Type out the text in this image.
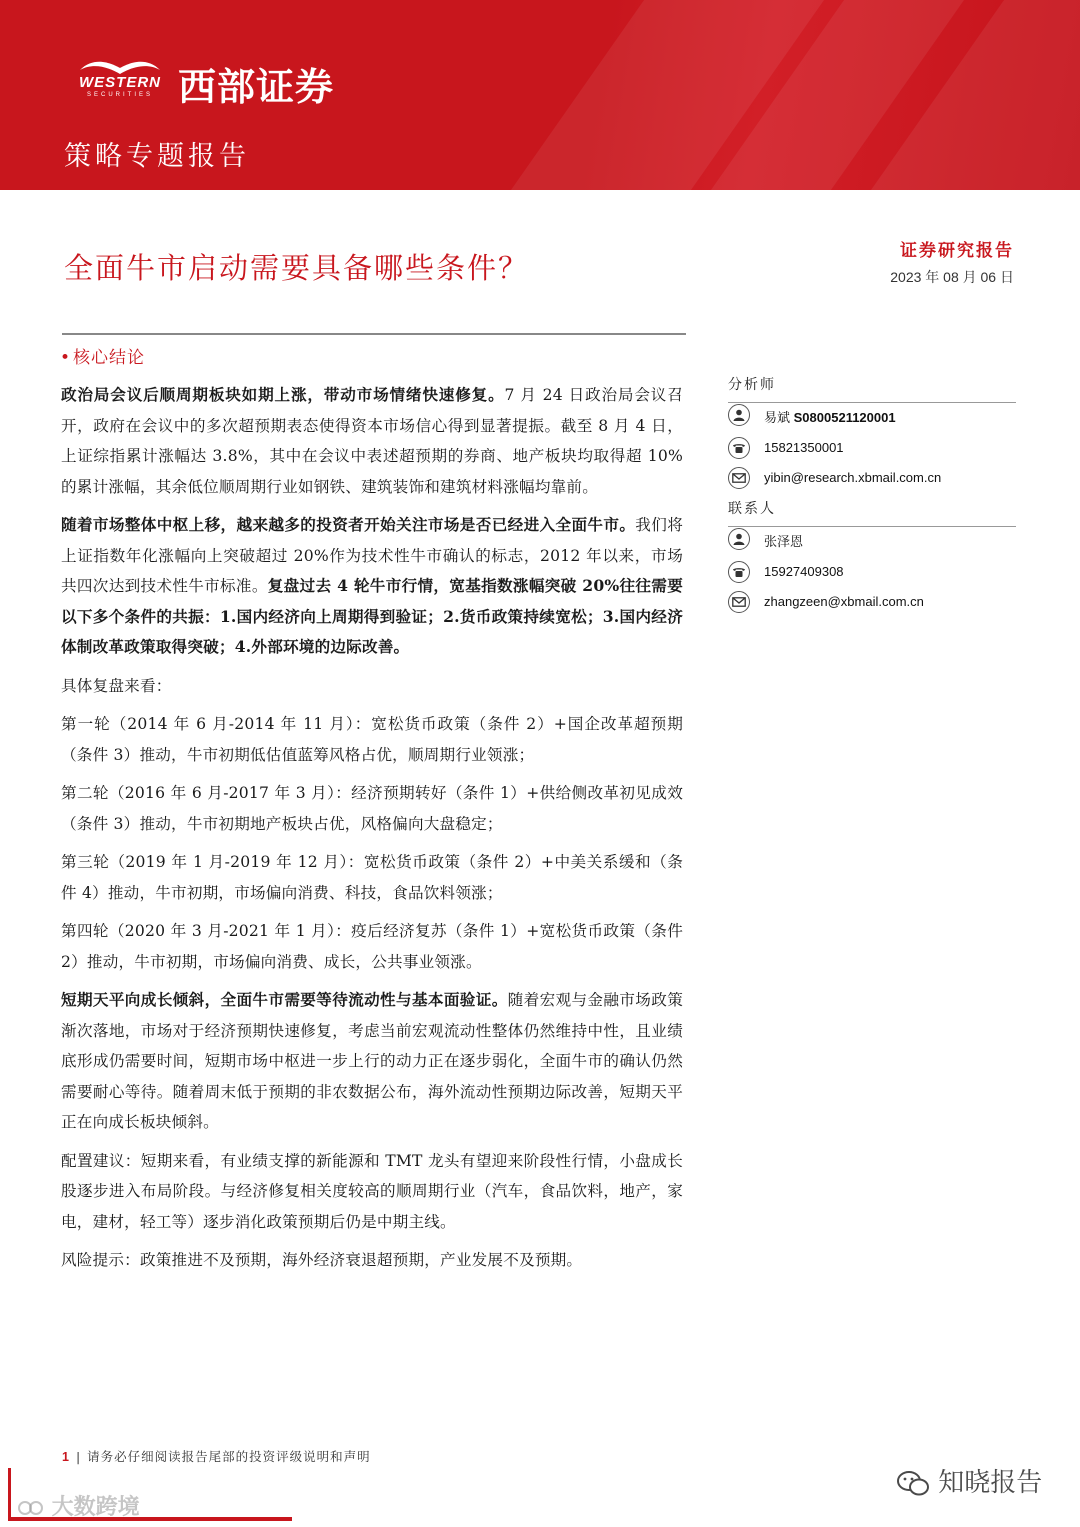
WESTERN
SECURITIES 西部证券
策略专题报告
全面牛市启动需要具备哪些条件？	证券研究报告
2023 年 08 月 06 日
• 核心结论

政治局会议后顺周期板块如期上涨，带动市场情绪快速修复。7 月 24 日政治局会议召开，政府在会议中的多次超预期表态使得资本市场信心得到显著提振。截至 8 月 4 日，上证综指累计涨幅达 3.8%，其中在会议中表述超预期的券商、地产板块均取得超 10%的累计涨幅，其余低位顺周期行业如钢铁、建筑装饰和建筑材料涨幅均靠前。

随着市场整体中枢上移，越来越多的投资者开始关注市场是否已经进入全面牛市。我们将上证指数年化涨幅向上突破超过 20%作为技术性牛市确认的标志，2012 年以来，市场共四次达到技术性牛市标准。复盘过去 4 轮牛市行情，宽基指数涨幅突破 20%往往需要以下多个条件的共振：1.国内经济向上周期得到验证；2.货币政策持续宽松；3.国内经济体制改革政策取得突破；4.外部环境的边际改善。

具体复盘来看：

第一轮（2014 年 6 月-2014 年 11 月）：宽松货币政策（条件 2）+国企改革超预期（条件 3）推动，牛市初期低估值蓝筹风格占优，顺周期行业领涨；

第二轮（2016 年 6 月-2017 年 3 月）：经济预期转好（条件 1）+供给侧改革初见成效（条件 3）推动，牛市初期地产板块占优，风格偏向大盘稳定；

第三轮（2019 年 1 月-2019 年 12 月）：宽松货币政策（条件 2）+中美关系缓和（条件 4）推动，牛市初期，市场偏向消费、科技，食品饮料领涨；

第四轮（2020 年 3 月-2021 年 1 月）：疫后经济复苏（条件 1）+宽松货币政策（条件 2）推动，牛市初期，市场偏向消费、成长，公共事业领涨。

短期天平向成长倾斜，全面牛市需要等待流动性与基本面验证。随着宏观与金融市场政策渐次落地，市场对于经济预期快速修复，考虑当前宏观流动性整体仍然维持中性，且业绩底形成仍需要时间，短期市场中枢进一步上行的动力正在逐步弱化，全面牛市的确认仍然需要耐心等待。随着周末低于预期的非农数据公布，海外流动性预期边际改善，短期天平正在向成长板块倾斜。

配置建议：短期来看，有业绩支撑的新能源和 TMT 龙头有望迎来阶段性行情，小盘成长股逐步进入布局阶段。与经济修复相关度较高的顺周期行业（汽车，食品饮料，地产，家电，建材，轻工等）逐步消化政策预期后仍是中期主线。

风险提示：政策推进不及预期，海外经济衰退超预期，产业发展不及预期。

分析师
易斌 S0800521120001
15821350001
yibin@research.xbmail.com.cn
联系人
张泽恩
15927409308
zhangzeen@xbmail.com.cn
1 | 请务必仔细阅读报告尾部的投资评级说明和声明
大数跨境
知晓报告
